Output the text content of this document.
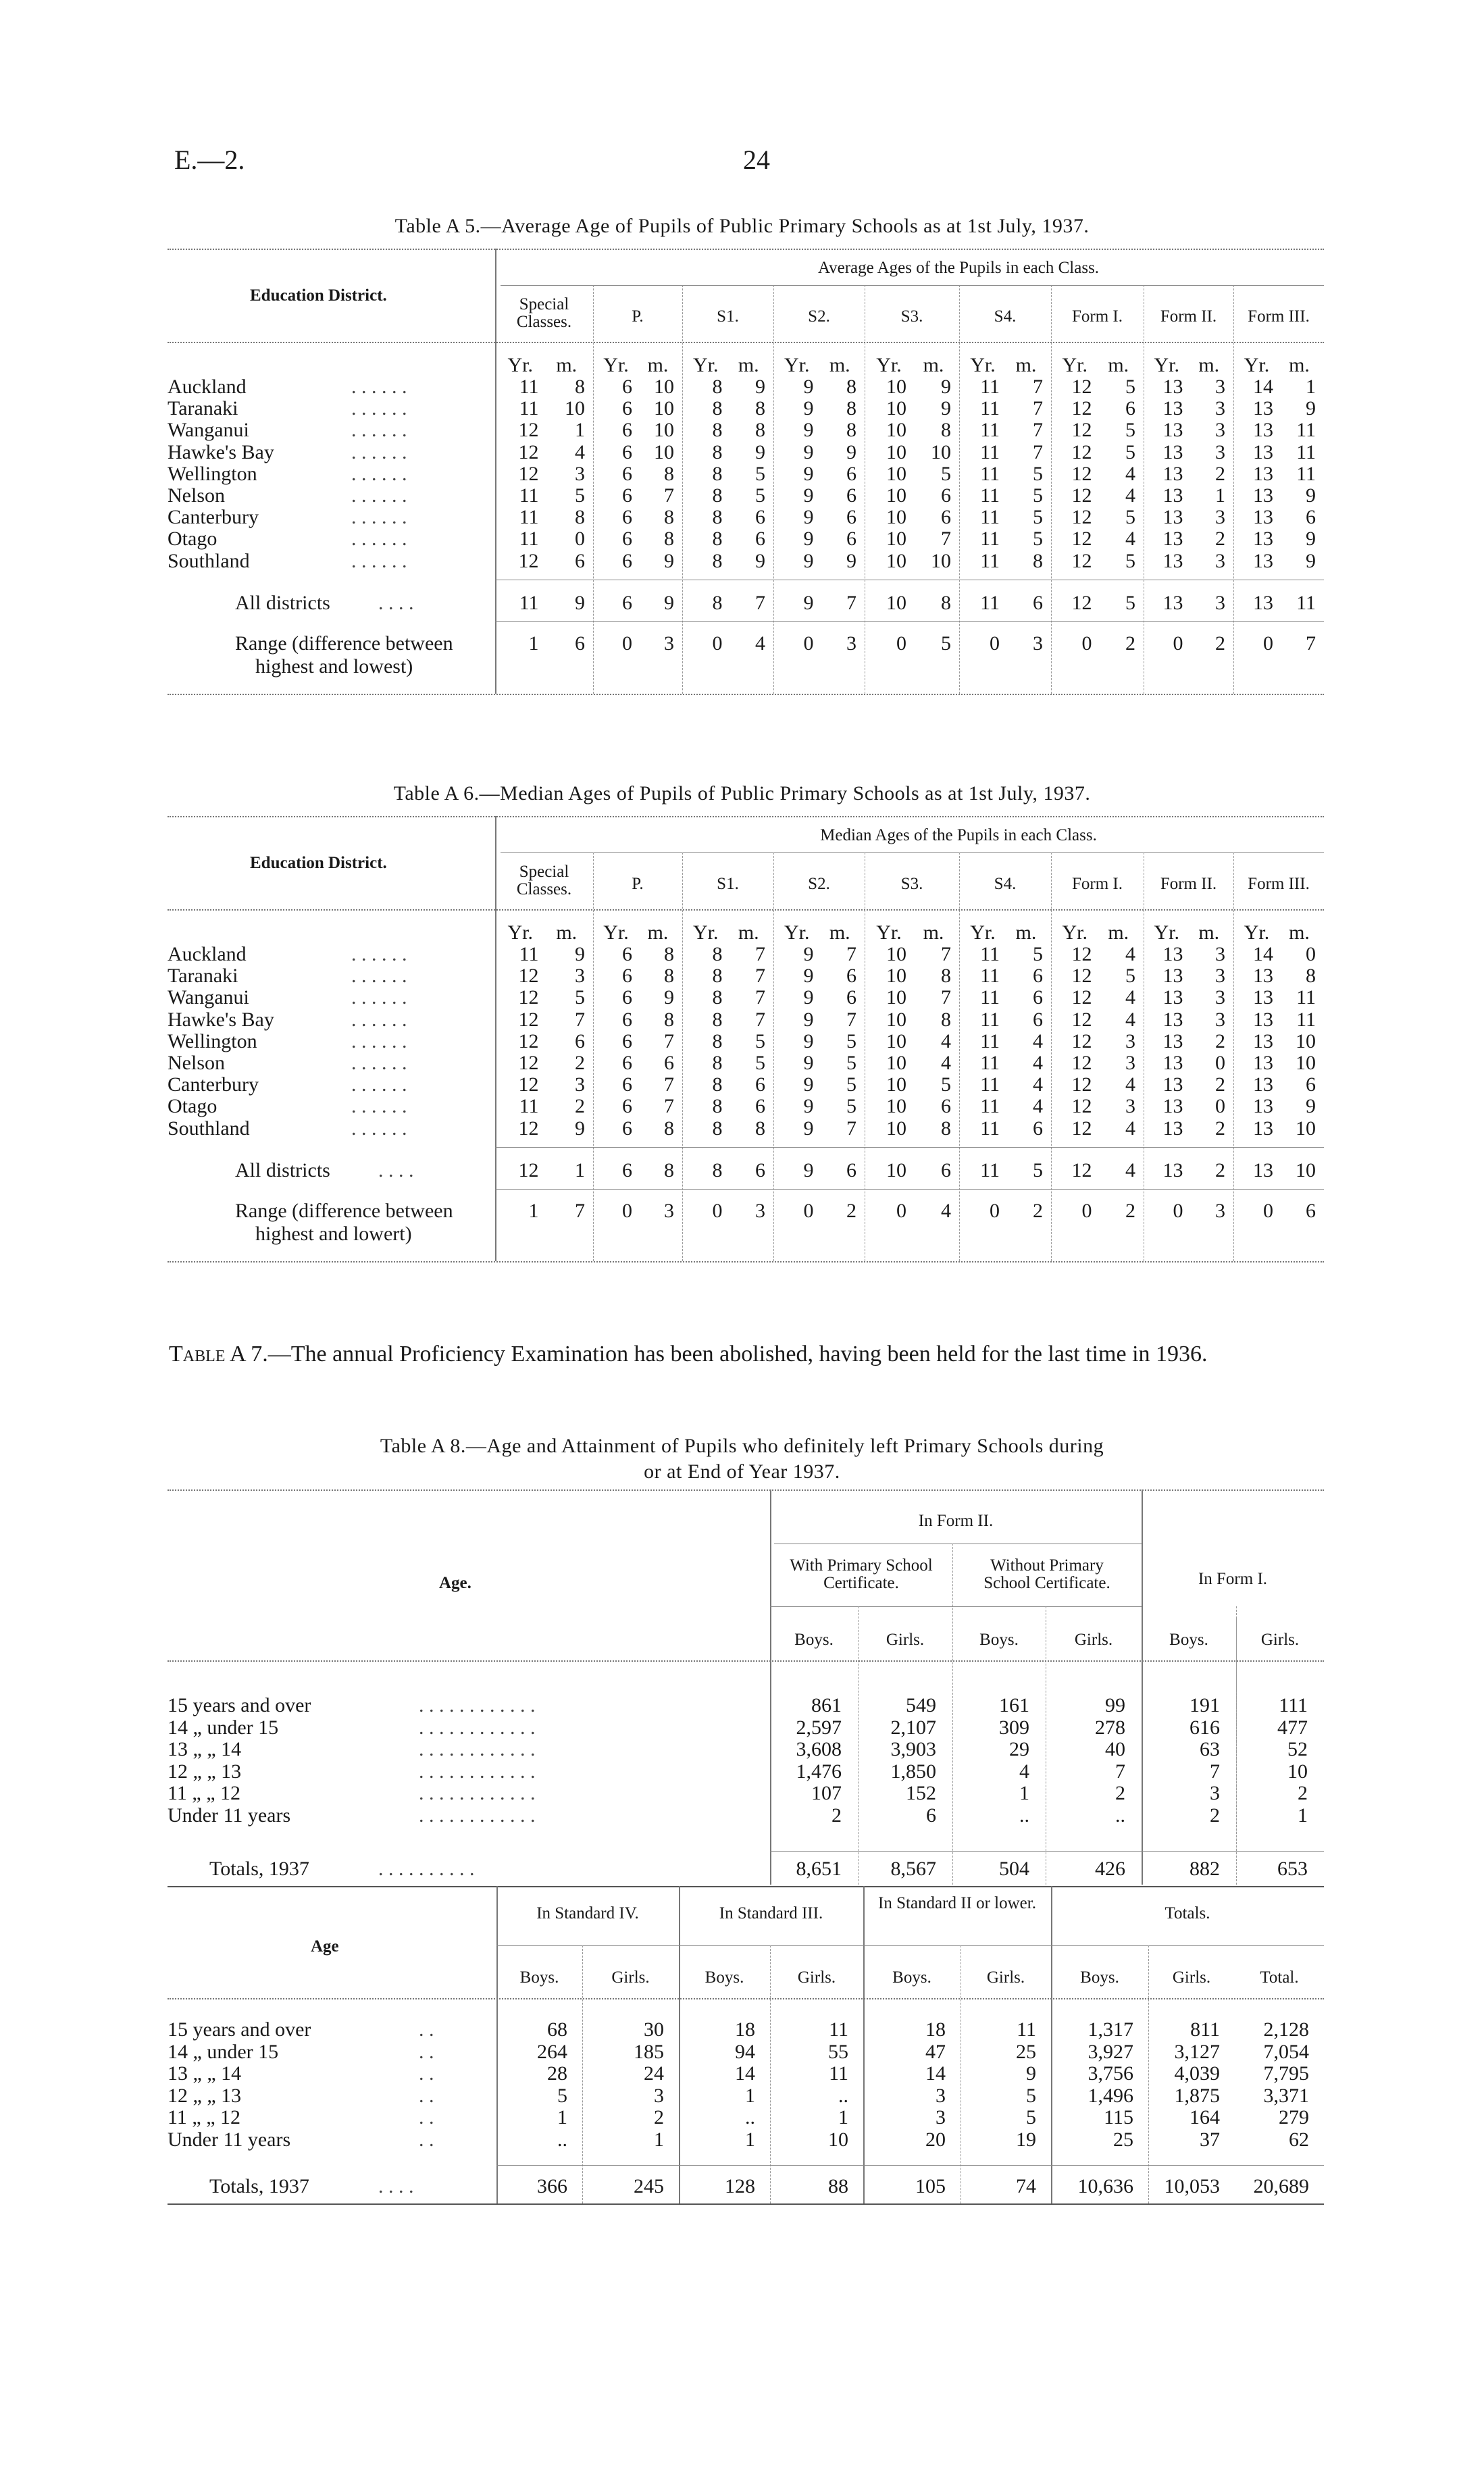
E.—2.	24
Table A 5.—Average Age of Pupils of Public Primary Schools as at 1st July, 1937.
Education District.
Average Ages of the Pupils in each Class.
Special
Classes.	P.	S1.	S2.	S3.	S4.	Form I.	Form II.	Form III.
Yr.	m.	Yr. m.	Yr. m.	Yr. m.	Yr.	m.	Yr. m.	Yr.	m.	Yr. m.	Yr. m.
Auckland	. . . . . .	11	8	6	10	8	9	9	8	10	9	11	7	12	5	13	3	14	1
Taranaki	. . . . . .	11	10	6	10	8	8	9	8	10	9	11	7	12	6	13	3	13	9
Wanganui	. . . . . .	12	1	6	10	8	8	9	8	10	8	11	7	12	5	13	3	13	11
Hawke's Bay	. . . . . .	12	4	6	10	8	9	9	9	10	10	11	7	12	5	13	3	13	11
Wellington	. . . . . .	12	3	6	8	8	5	9	6	10	5	11	5	12	4	13	2	13	11
Nelson	. . . . . .	11	5	6	7	8	5	9	6	10	6	11	5	12	4	13	1	13	9
Canterbury	. . . . . .	11	8	6	8	8	6	9	6	10	6	11	5	12	5	13	3	13	6
Otago	. . . . . .	11	0	6	8	8	6	9	6	10	7	11	5	12	4	13	2	13	9
Southland	. . . . . .	12	6	6	9	8	9	9	9	10	10	11	8	12	5	13	3	13	9
All districts . . . .	11	9	6	9	8	7	9	7	10	8	11	6	12	5	13	3	13	11
Range (difference between
highest and lowest)
1	6	0	3	0	4	0	3	0	5	0	3	0	2	0	2	0	7
Table A 6.—Median Ages of Pupils of Public Primary Schools as at 1st July, 1937.
Education District.
Median Ages of the Pupils in each Class.
Special
Classes.	P.	S1.	S2.	S3.	S4.	Form I.	Form II.	Form III.
Yr.	m.	Yr. m.	Yr. m.	Yr. m.	Yr.	m.	Yr. m.	Yr.	m.	Yr. m.	Yr. m.
Auckland	. . . . . .	11	9	6	8	8	7	9	7	10	7	11	5	12	4	13	3	14	0
Taranaki	. . . . . .	12	3	6	8	8	7	9	6	10	8	11	6	12	5	13	3	13	8
Wanganui	. . . . . .	12	5	6	9	8	7	9	6	10	7	11	6	12	4	13	3	13	11
Hawke's Bay	. . . . . .	12	7	6	8	8	7	9	7	10	8	11	6	12	4	13	3	13	11
Wellington	. . . . . .	12	6	6	7	8	5	9	5	10	4	11	4	12	3	13	2	13	10
Nelson	. . . . . .	12	2	6	6	8	5	9	5	10	4	11	4	12	3	13	0	13	10
Canterbury	. . . . . .	12	3	6	7	8	6	9	5	10	5	11	4	12	4	13	2	13	6
Otago	. . . . . .	11	2	6	7	8	6	9	5	10	6	11	4	12	3	13	0	13	9
Southland	. . . . . .	12	9	6	8	8	8	9	7	10	8	11	6	12	4	13	2	13	10
All districts . . . .	12	1	6	8	8	6	9	6	10	6	11	5	12	4	13	2	13	10
Range (difference between
highest and lowert)
1	7	0	3	0	3	0	2	0	4	0	2	0	2	0	3	0	6
Table A 7.—The annual Proficiency Examination has been abolished, having been held for the last time in 1936.
Table A 8.—Age and Attainment of Pupils who definitely left Primary Schools during
or at End of Year 1937.
Age.
In Form II.
With Primary School Certificate.
Without Primary School Certificate.	In Form I.
Boys.	Girls.	Boys.	Girls.	Boys.	Girls.
15 years and over	. . . . . . . . . . . .	861	549	161	99	191	111
14 „ under 15	. . . . . . . . . . . .	2,597	2,107	309	278	616	477
13 „ „ 14	. . . . . . . . . . . .	3,608	3,903	29	40	63	52
12 „ „ 13	. . . . . . . . . . . .	1,476	1,850	4	7	7	10
11 „ „ 12	. . . . . . . . . . . .	107	152	1	2	3	2
Under 11 years	. . . . . . . . . . . .	2	6	..	..	2	1
Totals, 1937	. . . . . . . . . .	8,651	8,567	504	426	882	653
Age
In Standard IV.	In Standard III.
In Standard II or lower.
Totals.
Boys.	Girls.	Boys.	Girls.	Boys.	Girls.	Boys.	Girls.	Total.
15 years and over	. .	68	30	18	11	18	11	1,317	811	2,128
14 „ under 15	. .	264	185	94	55	47	25	3,927	3,127	7,054
13 „ „ 14	. .	28	24	14	11	14	9	3,756	4,039	7,795
12 „ „ 13	. .	5	3	1	..	3	5	1,496	1,875	3,371
11 „ „ 12	. .	1	2	..	1	3	5	115	164	279
Under 11 years	. .	..	1	1	10	20	19	25	37	62
Totals, 1937	. . . .	366	245	128	88	105	74	10,636	10,053	20,689
